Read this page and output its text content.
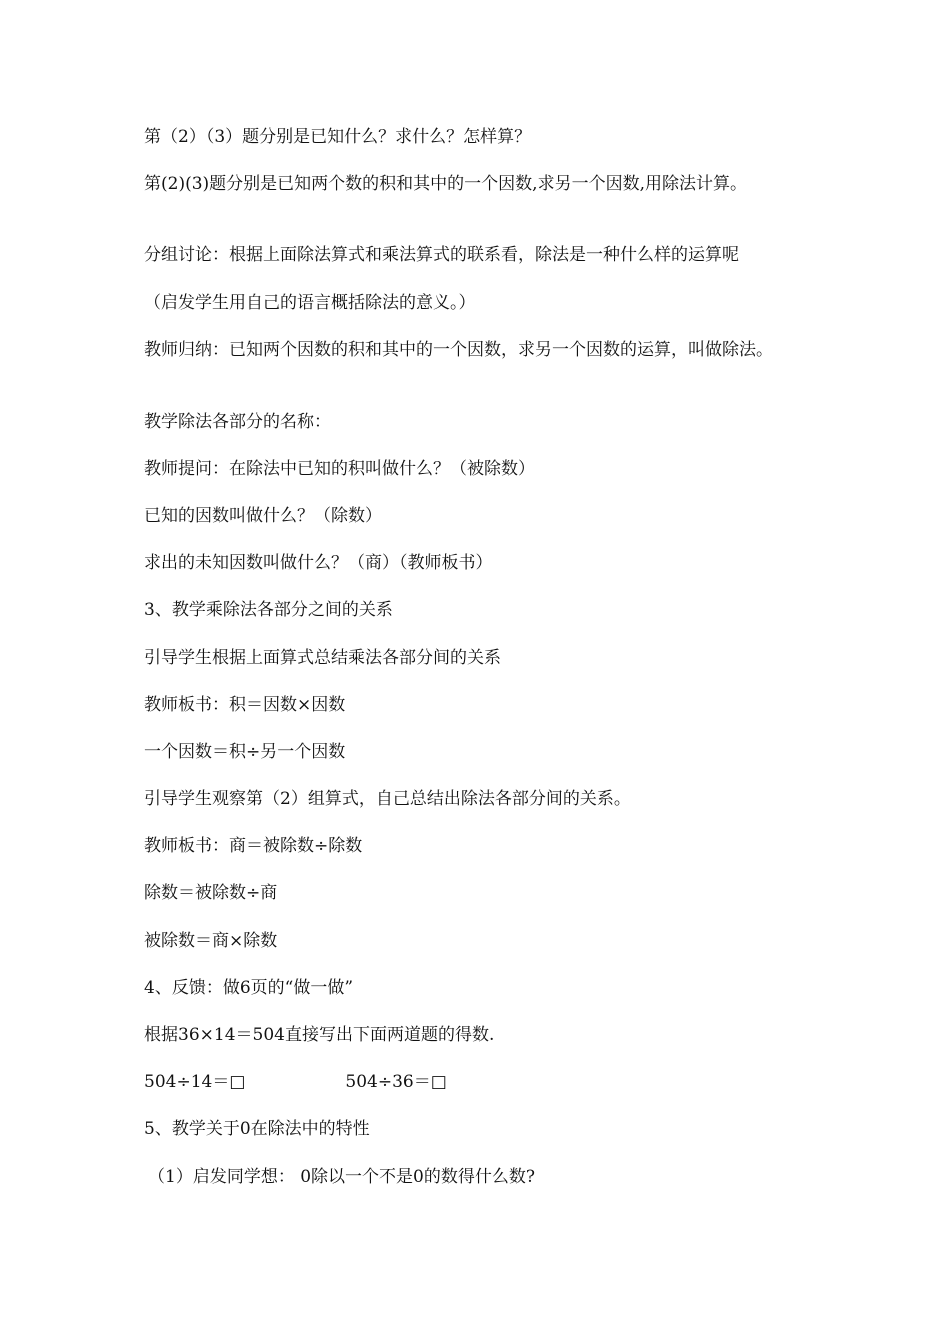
第（2）（3）题分别是已知什么？求什么？怎样算？
第(2)(3)题分别是已知两个数的积和其中的一个因数,求另一个因数,用除法计算。
分组讨论：根据上面除法算式和乘法算式的联系看，除法是一种什么样的运算呢
（启发学生用自己的语言概括除法的意义。）
教师归纳：已知两个因数的积和其中的一个因数，求另一个因数的运算，叫做除法。
教学除法各部分的名称：
教师提问：在除法中已知的积叫做什么？（被除数）
已知的因数叫做什么？（除数）
求出的未知因数叫做什么？（商）（教师板书）
3、教学乘除法各部分之间的关系
引导学生根据上面算式总结乘法各部分间的关系
教师板书：积＝因数×因数
一个因数＝积÷另一个因数
引导学生观察第（2）组算式，自己总结出除法各部分间的关系。
教师板书：商＝被除数÷除数
除数＝被除数÷商
被除数＝商×除数
4、反馈：做6页的“做一做”
根据36×14＝504直接写出下面两道题的得数.
504÷14＝□	504÷36＝□
5、教学关于0在除法中的特性
（1）启发同学想： 0除以一个不是0的数得什么数?
